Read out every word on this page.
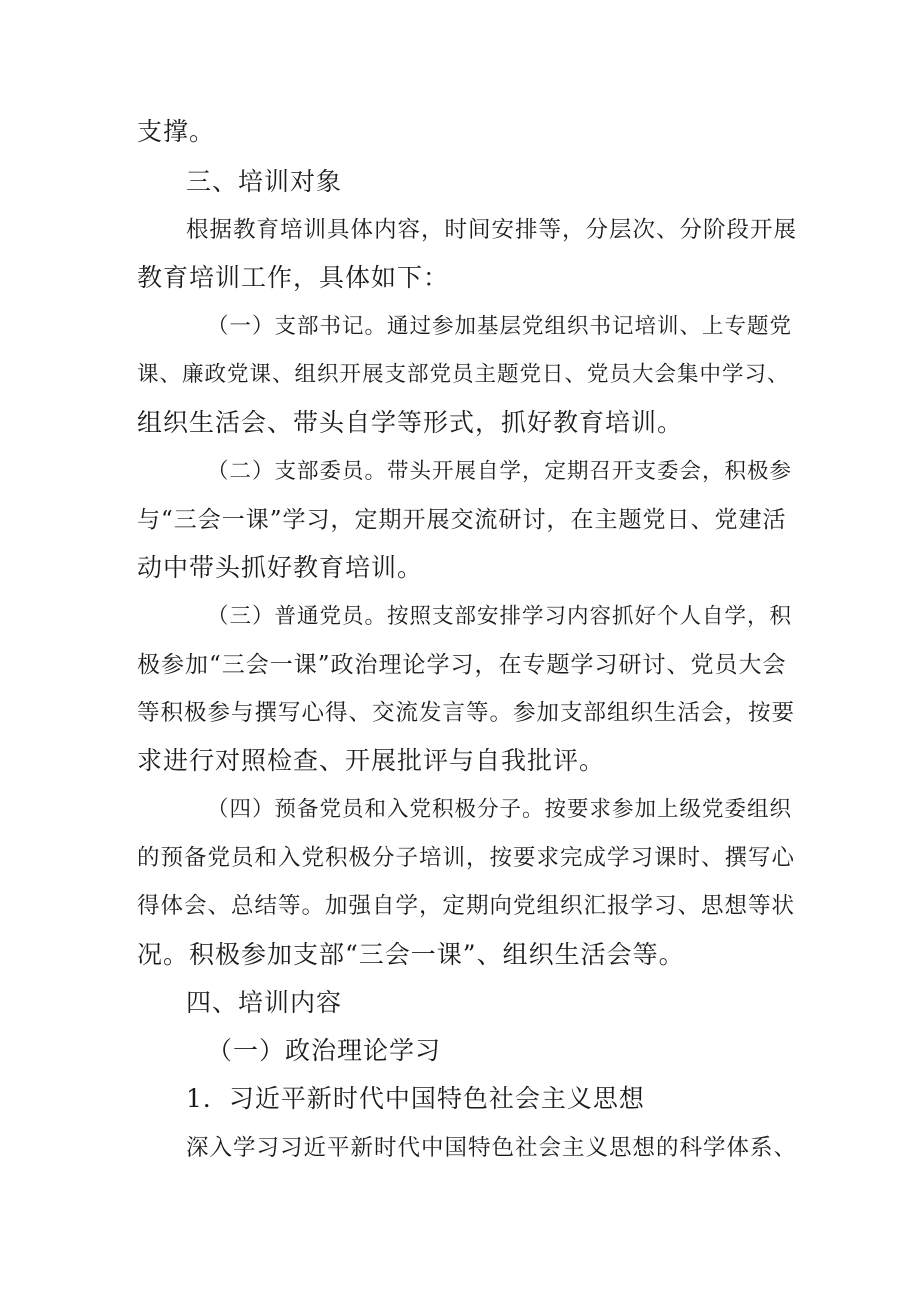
支撑。
三、培训对象
根据教育培训具体内容，时间安排等，分层次、分阶段开展
教育培训工作，具体如下：
（一）支部书记。通过参加基层党组织书记培训、上专题党
课、廉政党课、组织开展支部党员主题党日、党员大会集中学习、
组织生活会、带头自学等形式，抓好教育培训。
（二）支部委员。带头开展自学，定期召开支委会，积极参
与“三会一课”学习，定期开展交流研讨，在主题党日、党建活
动中带头抓好教育培训。
（三）普通党员。按照支部安排学习内容抓好个人自学，积
极参加“三会一课”政治理论学习，在专题学习研讨、党员大会
等积极参与撰写心得、交流发言等。参加支部组织生活会，按要
求进行对照检查、开展批评与自我批评。
（四）预备党员和入党积极分子。按要求参加上级党委组织
的预备党员和入党积极分子培训，按要求完成学习课时、撰写心
得体会、总结等。加强自学，定期向党组织汇报学习、思想等状
况。积极参加支部“三会一课”、组织生活会等。
四、培训内容
（一）政治理论学习
1．习近平新时代中国特色社会主义思想
深入学习习近平新时代中国特色社会主义思想的科学体系、
